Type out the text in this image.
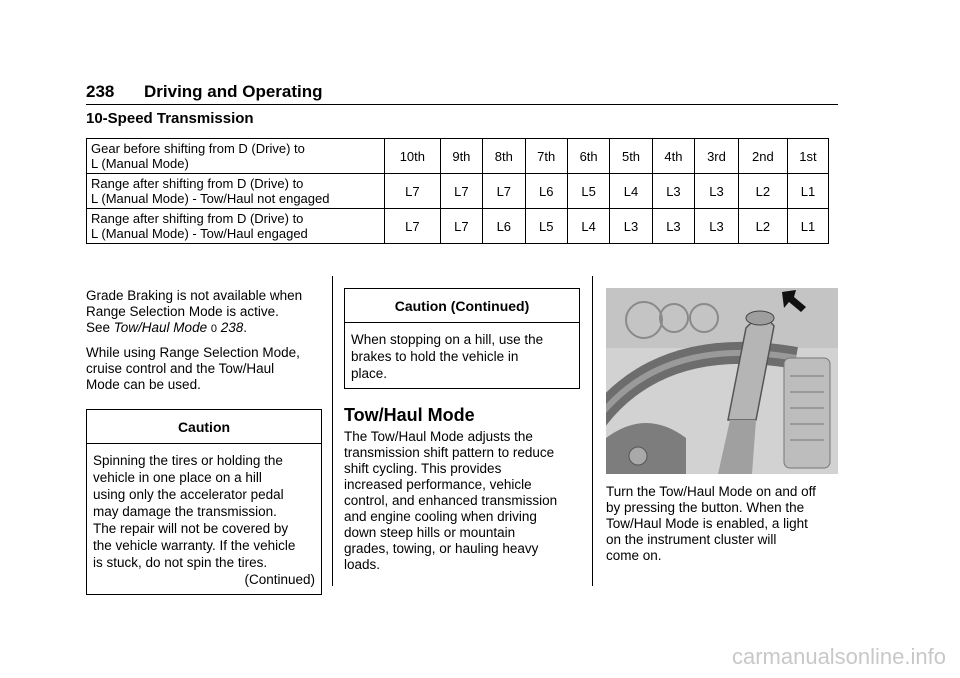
238 Driving and Operating
10-Speed Transmission
Gear before shifting from D (Drive) to
L (Manual Mode)	10th	9th	8th	7th	6th	5th	4th	3rd	2nd	1st
Range after shifting from D (Drive) to
L (Manual Mode) - Tow/Haul not engaged	L7	L7	L7	L6	L5	L4	L3	L3	L2	L1
Range after shifting from D (Drive) to
L (Manual Mode) - Tow/Haul engaged	L7	L7	L6	L5	L4	L3	L3	L3	L2	L1

Grade Braking is not available when
Range Selection Mode is active.
See Tow/Haul Mode 0 238.

While using Range Selection Mode,
cruise control and the Tow/Haul
Mode can be used.

Caution
Spinning the tires or holding the
vehicle in one place on a hill
using only the accelerator pedal
may damage the transmission.
The repair will not be covered by
the vehicle warranty. If the vehicle
is stuck, do not spin the tires.
(Continued)
Caution (Continued)
When stopping on a hill, use the
brakes to hold the vehicle in
place.
Tow/Haul Mode

The Tow/Haul Mode adjusts the
transmission shift pattern to reduce
shift cycling. This provides
increased performance, vehicle
control, and enhanced transmission
and engine cooling when driving
down steep hills or mountain
grades, towing, or hauling heavy
loads.

Turn the Tow/Haul Mode on and off
by pressing the button. When the
Tow/Haul Mode is enabled, a light
on the instrument cluster will
come on.

carmanualsonline.info
